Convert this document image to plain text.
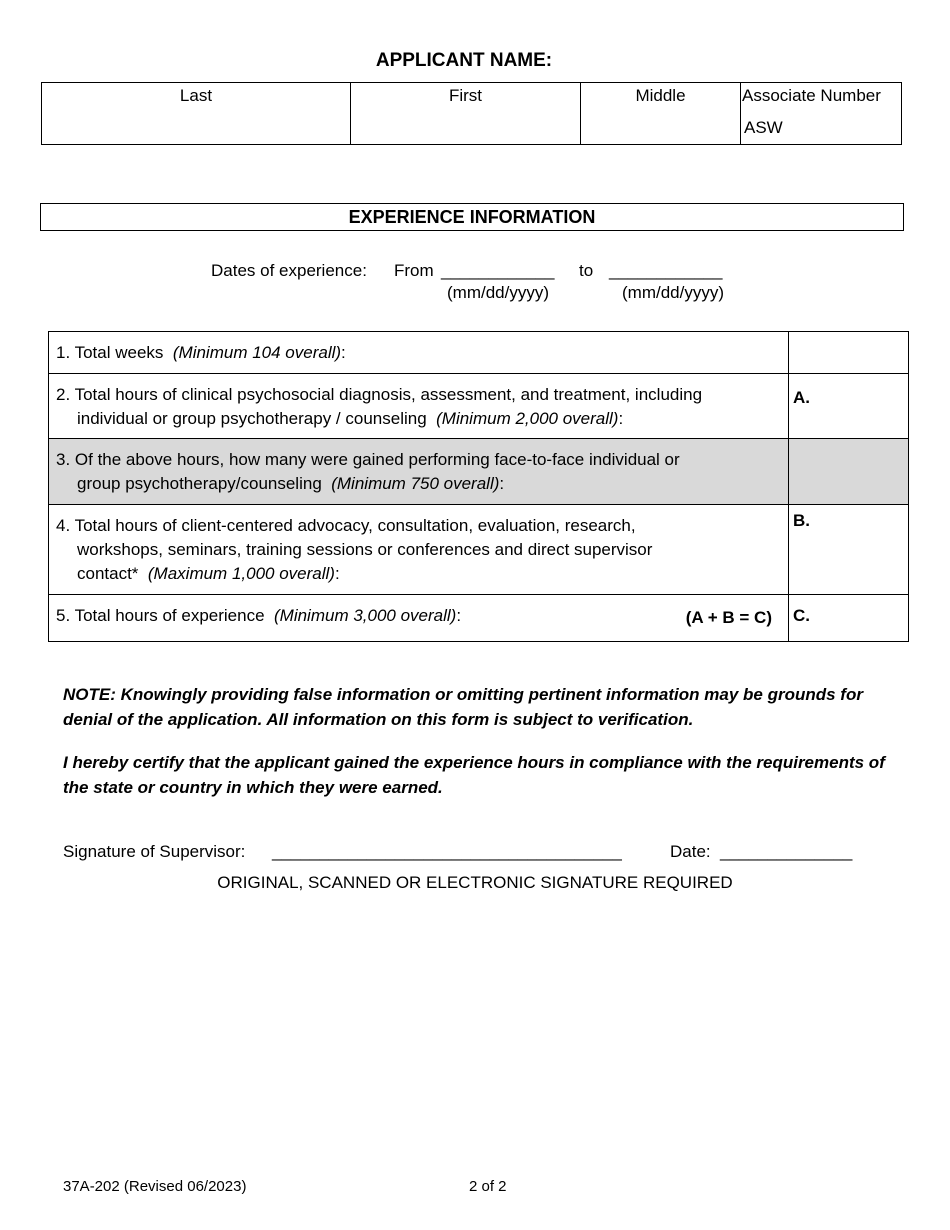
APPLICANT NAME:
Last	First	Middle	Associate Number
ASW
EXPERIENCE INFORMATION
Dates of experience: From ____________ to ____________
(mm/dd/yyyy)	(mm/dd/yyyy)
1. Total weeks (Minimum 104 overall):
2. Total hours of clinical psychosocial diagnosis, assessment, and treatment, including
individual or group psychotherapy / counseling (Minimum 2,000 overall):
A.
3. Of the above hours, how many were gained performing face-to-face individual or
group psychotherapy/counseling (Minimum 750 overall):
4. Total hours of client-centered advocacy, consultation, evaluation, research,
workshops, seminars, training sessions or conferences and direct supervisor
contact* (Maximum 1,000 overall):
B.
5. Total hours of experience (Minimum 3,000 overall):	(A + B = C) C.
NOTE: Knowingly providing false information or omitting pertinent information may be grounds for denial of the application. All information on this form is subject to verification.
I hereby certify that the applicant gained the experience hours in compliance with the requirements of the state or country in which they were earned.
Signature of Supervisor: _____________________________________	Date: ______________
ORIGINAL, SCANNED OR ELECTRONIC SIGNATURE REQUIRED
37A-202 (Revised 06/2023)	2 of 2
